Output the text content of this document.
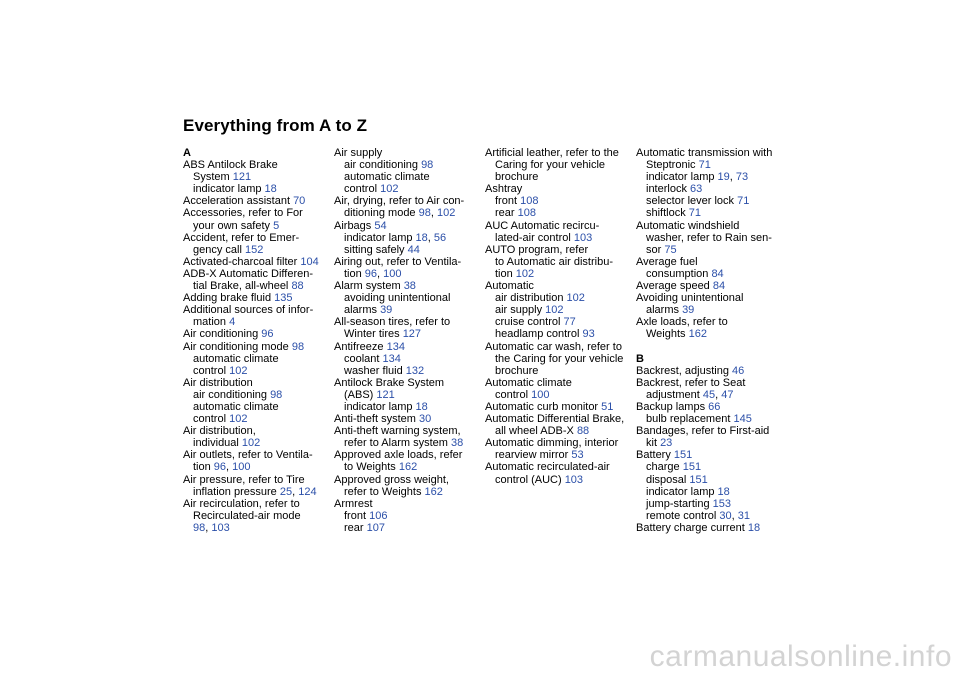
Everything from A to Z
A
ABS Antilock Brake
System 121
indicator lamp 18
Acceleration assistant 70
Accessories, refer to For
your own safety 5
Accident, refer to Emer-
gency call 152
Activated-charcoal filter 104
ADB-X Automatic Differen-
tial Brake, all-wheel 88
Adding brake fluid 135
Additional sources of infor-
mation 4
Air conditioning 96
Air conditioning mode 98
automatic climate
control 102
Air distribution
air conditioning 98
automatic climate
control 102
Air distribution,
individual 102
Air outlets, refer to Ventila-
tion 96, 100
Air pressure, refer to Tire
inflation pressure 25, 124
Air recirculation, refer to
Recirculated-air mode
98, 103
Air supply
air conditioning 98
automatic climate
control 102
Air, drying, refer to Air con-
ditioning mode 98, 102
Airbags 54
indicator lamp 18, 56
sitting safely 44
Airing out, refer to Ventila-
tion 96, 100
Alarm system 38
avoiding unintentional
alarms 39
All-season tires, refer to
Winter tires 127
Antifreeze 134
coolant 134
washer fluid 132
Antilock Brake System
(ABS) 121
indicator lamp 18
Anti-theft system 30
Anti-theft warning system,
refer to Alarm system 38
Approved axle loads, refer
to Weights 162
Approved gross weight,
refer to Weights 162
Armrest
front 106
rear 107
Artificial leather, refer to the
Caring for your vehicle
brochure
Ashtray
front 108
rear 108
AUC Automatic recircu-
lated-air control 103
AUTO program, refer
to Automatic air distribu-
tion 102
Automatic
air distribution 102
air supply 102
cruise control 77
headlamp control 93
Automatic car wash, refer to
the Caring for your vehicle
brochure
Automatic climate
control 100
Automatic curb monitor 51
Automatic Differential Brake,
all wheel ADB-X 88
Automatic dimming, interior
rearview mirror 53
Automatic recirculated-air
control (AUC) 103
Automatic transmission with
Steptronic 71
indicator lamp 19, 73
interlock 63
selector lever lock 71
shiftlock 71
Automatic windshield
washer, refer to Rain sen-
sor 75
Average fuel
consumption 84
Average speed 84
Avoiding unintentional
alarms 39
Axle loads, refer to
Weights 162
B
Backrest, adjusting 46
Backrest, refer to Seat
adjustment 45, 47
Backup lamps 66
bulb replacement 145
Bandages, refer to First-aid
kit 23
Battery 151
charge 151
disposal 151
indicator lamp 18
jump-starting 153
remote control 30, 31
Battery charge current 18
carmanualsonline.info
